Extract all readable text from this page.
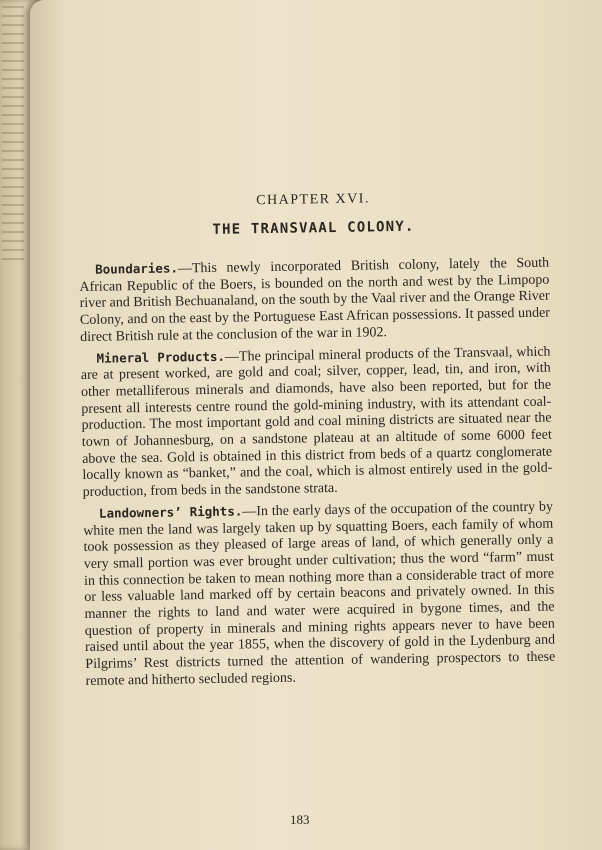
CHAPTER XVI.
THE TRANSVAAL COLONY.

Boundaries.—This newly incorporated British colony, lately the South African Republic of the Boers, is bounded on the north and west by the Limpopo river and British Bechuanaland, on the south by the Vaal river and the Orange River Colony, and on the east by the Portuguese East African possessions. It passed under direct British rule at the conclusion of the war in 1902.

Mineral Products.—The principal mineral products of the Transvaal, which are at present worked, are gold and coal; silver, copper, lead, tin, and iron, with other metalliferous minerals and diamonds, have also been reported, but for the present all interests centre round the gold-mining industry, with its attendant coal-production. The most important gold and coal mining districts are situated near the town of Johannesburg, on a sandstone plateau at an altitude of some 6000 feet above the sea. Gold is obtained in this district from beds of a quartz conglomerate locally known as “banket,” and the coal, which is almost entirely used in the gold-production, from beds in the sandstone strata.

Landowners’ Rights.—In the early days of the occupation of the country by white men the land was largely taken up by squatting Boers, each family of whom took possession as they pleased of large areas of land, of which generally only a very small portion was ever brought under cultivation; thus the word “farm” must in this connection be taken to mean nothing more than a considerable tract of more or less valuable land marked off by certain beacons and privately owned. In this manner the rights to land and water were acquired in bygone times, and the question of property in minerals and mining rights appears never to have been raised until about the year 1855, when the discovery of gold in the Lydenburg and Pilgrims’ Rest districts turned the attention of wandering prospectors to these remote and hitherto secluded regions.

183
